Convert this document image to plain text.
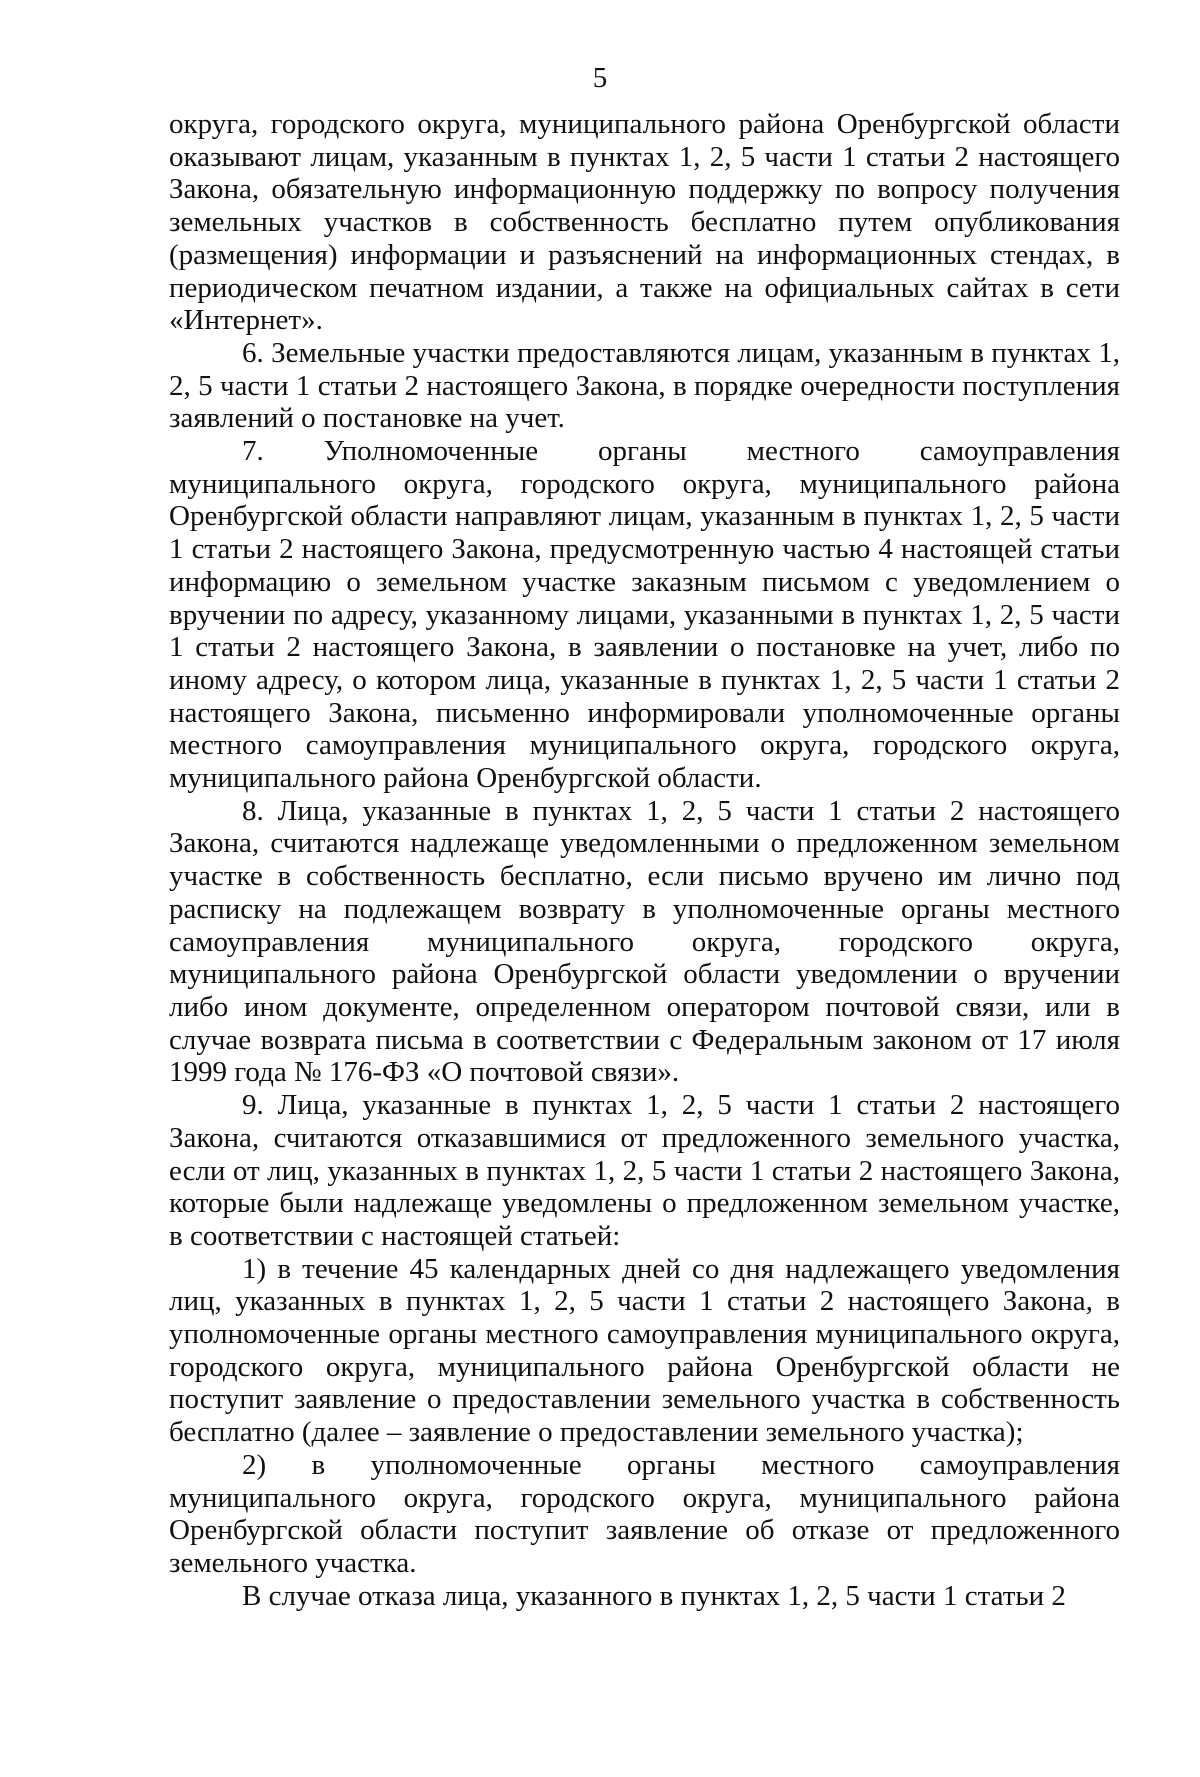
5

округа, городского округа, муниципального района Оренбургской области оказывают лицам, указанным в пунктах 1, 2, 5 части 1 статьи 2 настоящего Закона, обязательную информационную поддержку по вопросу получения земельных участков в собственность бесплатно путем опубликования (размещения) информации и разъяснений на информационных стендах, в периодическом печатном издании, а также на официальных сайтах в сети «Интернет».

6. Земельные участки предоставляются лицам, указанным в пунктах 1, 2, 5 части 1 статьи 2 настоящего Закона, в порядке очередности поступления заявлений о постановке на учет.

7. Уполномоченные органы местного самоуправления муниципального округа, городского округа, муниципального района Оренбургской области направляют лицам, указанным в пунктах 1, 2, 5 части 1 статьи 2 настоящего Закона, предусмотренную частью 4 настоящей статьи информацию о земельном участке заказным письмом с уведомлением о вручении по адресу, указанному лицами, указанными в пунктах 1, 2, 5 части 1 статьи 2 настоящего Закона, в заявлении о постановке на учет, либо по иному адресу, о котором лица, указанные в пунктах 1, 2, 5 части 1 статьи 2 настоящего Закона, письменно информировали уполномоченные органы местного самоуправления муниципального округа, городского округа, муниципального района Оренбургской области.

8. Лица, указанные в пунктах 1, 2, 5 части 1 статьи 2 настоящего Закона, считаются надлежаще уведомленными о предложенном земельном участке в собственность бесплатно, если письмо вручено им лично под расписку на подлежащем возврату в уполномоченные органы местного самоуправления муниципального округа, городского округа, муниципального района Оренбургской области уведомлении о вручении либо ином документе, определенном оператором почтовой связи, или в случае возврата письма в соответствии с Федеральным законом от 17 июля 1999 года № 176-ФЗ «О почтовой связи».

9. Лица, указанные в пунктах 1, 2, 5 части 1 статьи 2 настоящего Закона, считаются отказавшимися от предложенного земельного участка, если от лиц, указанных в пунктах 1, 2, 5 части 1 статьи 2 настоящего Закона, которые были надлежаще уведомлены о предложенном земельном участке, в соответствии с настоящей статьей:

1) в течение 45 календарных дней со дня надлежащего уведомления лиц, указанных в пунктах 1, 2, 5 части 1 статьи 2 настоящего Закона, в уполномоченные органы местного самоуправления муниципального округа, городского округа, муниципального района Оренбургской области не поступит заявление о предоставлении земельного участка в собственность бесплатно (далее – заявление о предоставлении земельного участка);

2) в уполномоченные органы местного самоуправления муниципального округа, городского округа, муниципального района Оренбургской области поступит заявление об отказе от предложенного земельного участка.

В случае отказа лица, указанного в пунктах 1, 2, 5 части 1 статьи 2
